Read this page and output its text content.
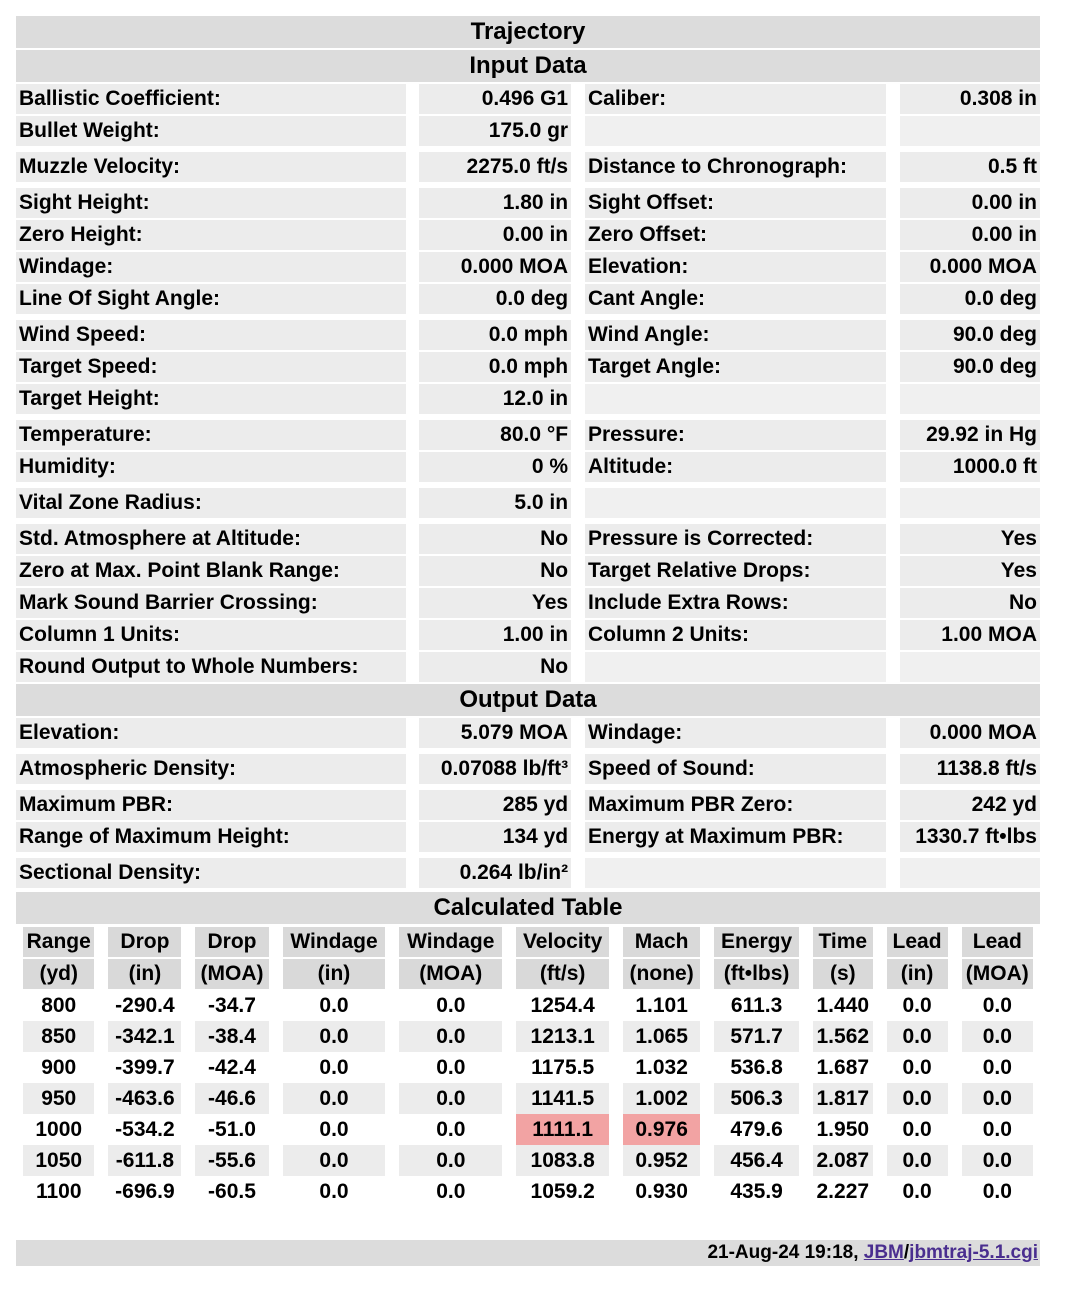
Trajectory
Input Data
Ballistic Coefficient:	0.496 G1 Caliber:	0.308 in
Bullet Weight:	175.0 gr
Muzzle Velocity:	2275.0 ft/s Distance to Chronograph:	0.5 ft
Sight Height:	1.80 in Sight Offset:	0.00 in
Zero Height:	0.00 in Zero Offset:	0.00 in
Windage:	0.000 MOA Elevation:	0.000 MOA
Line Of Sight Angle:	0.0 deg Cant Angle:	0.0 deg
Wind Speed:	0.0 mph Wind Angle:	90.0 deg
Target Speed:	0.0 mph Target Angle:	90.0 deg
Target Height:	12.0 in
Temperature:	80.0 °F Pressure:	29.92 in Hg
Humidity:	0 % Altitude:	1000.0 ft
Vital Zone Radius:	5.0 in
Std. Atmosphere at Altitude:	No Pressure is Corrected:	Yes
Zero at Max. Point Blank Range:	No Target Relative Drops:	Yes
Mark Sound Barrier Crossing:	Yes Include Extra Rows:	No
Column 1 Units:	1.00 in Column 2 Units:	1.00 MOA
Round Output to Whole Numbers:	No
Output Data
Elevation:	5.079 MOA Windage:	0.000 MOA
Atmospheric Density:	0.07088 lb/ft³ Speed of Sound:	1138.8 ft/s
Maximum PBR:	285 yd Maximum PBR Zero:	242 yd
Range of Maximum Height:	134 yd Energy at Maximum PBR:	1330.7 ft•lbs
Sectional Density:	0.264 lb/in²
Calculated Table
Range	Drop	Drop	Windage	Windage	Velocity	Mach	Energy	Time	Lead	Lead

(yd)	(in)	(MOA)	(in)	(MOA)	(ft/s)	(none)	(ft•lbs)	(s)	(in)	(MOA)

800	-290.4	-34.7	0.0	0.0	1254.4	1.101	611.3	1.440	0.0	0.0

850	-342.1	-38.4	0.0	0.0	1213.1	1.065	571.7	1.562	0.0	0.0

900	-399.7	-42.4	0.0	0.0	1175.5	1.032	536.8	1.687	0.0	0.0

950	-463.6	-46.6	0.0	0.0	1141.5	1.002	506.3	1.817	0.0	0.0

1000	-534.2	-51.0	0.0	0.0	1111.1	0.976	479.6	1.950	0.0	0.0

1050	-611.8	-55.6	0.0	0.0	1083.8	0.952	456.4	2.087	0.0	0.0

1100	-696.9	-60.5	0.0	0.0	1059.2	0.930	435.9	2.227	0.0	0.0
21-Aug-24 19:18, JBM/jbmtraj-5.1.cgi
